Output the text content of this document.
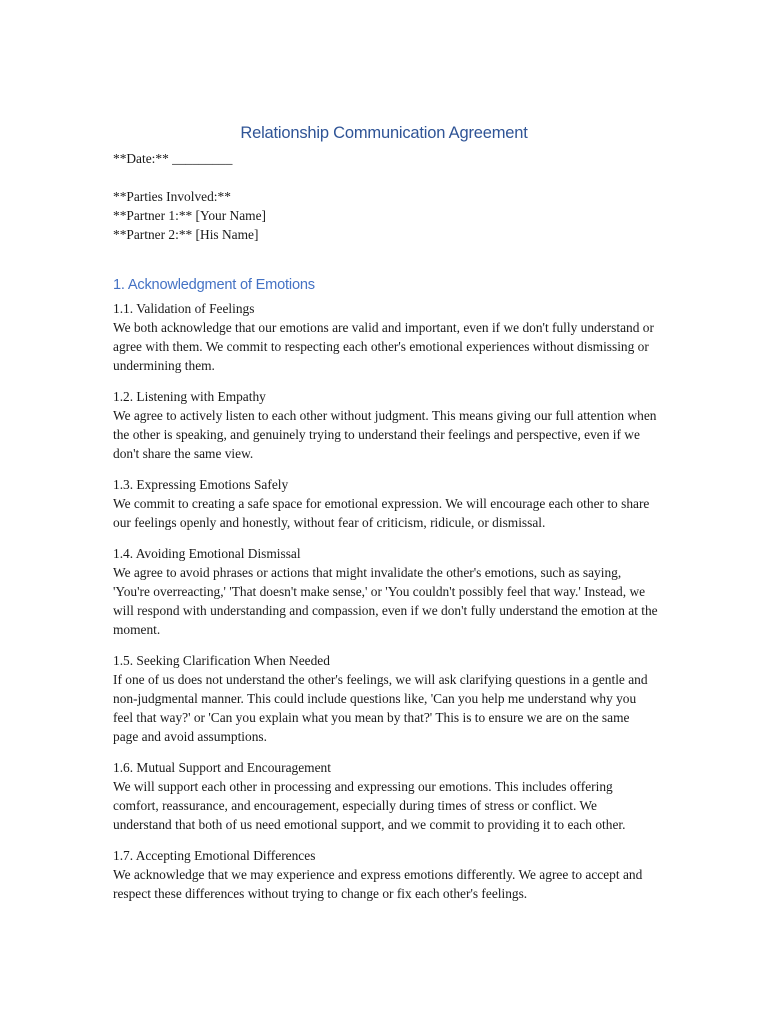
Relationship Communication Agreement
**Date:** _________
**Parties Involved:**
**Partner 1:** [Your Name]
**Partner 2:** [His Name]
1. Acknowledgment of Emotions
1.1. Validation of Feelings
We both acknowledge that our emotions are valid and important, even if we don't fully understand or agree with them. We commit to respecting each other's emotional experiences without dismissing or undermining them.
1.2. Listening with Empathy
We agree to actively listen to each other without judgment. This means giving our full attention when the other is speaking, and genuinely trying to understand their feelings and perspective, even if we don't share the same view.
1.3. Expressing Emotions Safely
We commit to creating a safe space for emotional expression. We will encourage each other to share our feelings openly and honestly, without fear of criticism, ridicule, or dismissal.
1.4. Avoiding Emotional Dismissal
We agree to avoid phrases or actions that might invalidate the other's emotions, such as saying, 'You're overreacting,' 'That doesn't make sense,' or 'You couldn't possibly feel that way.' Instead, we will respond with understanding and compassion, even if we don't fully understand the emotion at the moment.
1.5. Seeking Clarification When Needed
If one of us does not understand the other's feelings, we will ask clarifying questions in a gentle and non-judgmental manner. This could include questions like, 'Can you help me understand why you feel that way?' or 'Can you explain what you mean by that?' This is to ensure we are on the same page and avoid assumptions.
1.6. Mutual Support and Encouragement
We will support each other in processing and expressing our emotions. This includes offering comfort, reassurance, and encouragement, especially during times of stress or conflict. We understand that both of us need emotional support, and we commit to providing it to each other.
1.7. Accepting Emotional Differences
We acknowledge that we may experience and express emotions differently. We agree to accept and respect these differences without trying to change or fix each other's feelings.
